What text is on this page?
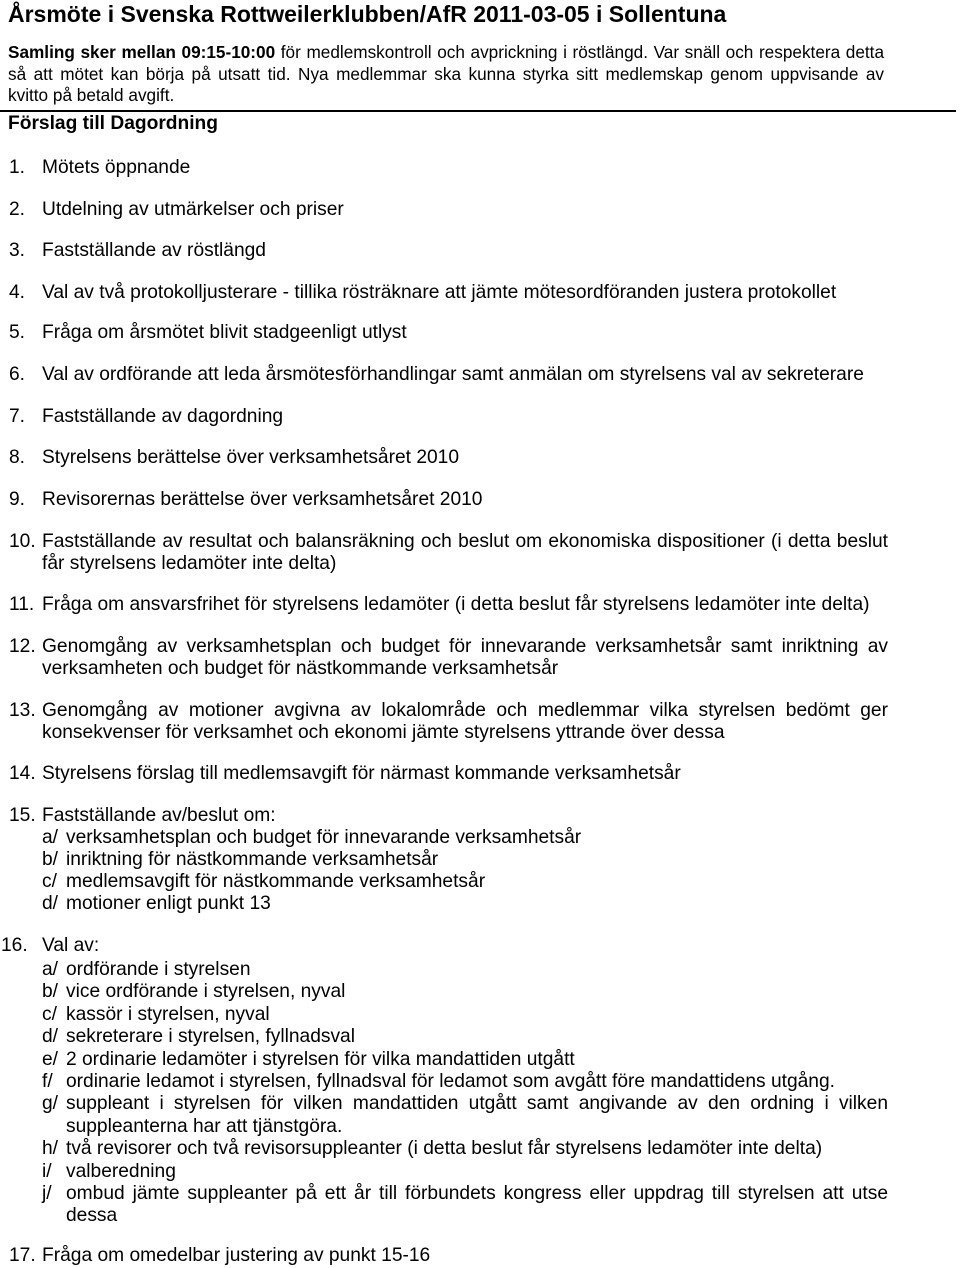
Årsmöte i Svenska Rottweilerklubben/AfR 2011-03-05 i Sollentuna
Samling sker mellan 09:15-10:00 för medlemskontroll och avprickning i röstlängd. Var snäll och respektera detta
så att mötet kan börja på utsatt tid. Nya medlemmar ska kunna styrka sitt medlemskap genom uppvisande av
kvitto på betald avgift.
Förslag till Dagordning
1. Mötets öppnande
2. Utdelning av utmärkelser och priser
3. Fastställande av röstlängd
4. Val av två protokolljusterare - tillika rösträknare att jämte mötesordföranden justera protokollet
5. Fråga om årsmötet blivit stadgeenligt utlyst
6. Val av ordförande att leda årsmötesförhandlingar samt anmälan om styrelsens val av sekreterare
7. Fastställande av dagordning
8. Styrelsens berättelse över verksamhetsåret 2010
9. Revisorernas berättelse över verksamhetsåret 2010
10. Fastställande av resultat och balansräkning och beslut om ekonomiska dispositioner (i detta beslut
får styrelsens ledamöter inte delta)
11. Fråga om ansvarsfrihet för styrelsens ledamöter (i detta beslut får styrelsens ledamöter inte delta)
12. Genomgång av verksamhetsplan och budget för innevarande verksamhetsår samt inriktning av
verksamheten och budget för nästkommande verksamhetsår
13. Genomgång av motioner avgivna av lokalområde och medlemmar vilka styrelsen bedömt ger
konsekvenser för verksamhet och ekonomi jämte styrelsens yttrande över dessa
14. Styrelsens förslag till medlemsavgift för närmast kommande verksamhetsår
15. Fastställande av/beslut om:
a/ verksamhetsplan och budget för innevarande verksamhetsår
b/ inriktning för nästkommande verksamhetsår
c/ medlemsavgift för nästkommande verksamhetsår
d/ motioner enligt punkt 13
16. Val av:
a/ ordförande i styrelsen
b/ vice ordförande i styrelsen, nyval
c/ kassör i styrelsen, nyval
d/ sekreterare i styrelsen, fyllnadsval
e/ 2 ordinarie ledamöter i styrelsen för vilka mandattiden utgått
f/ ordinarie ledamot i styrelsen, fyllnadsval för ledamot som avgått före mandattidens utgång.
g/ suppleant i styrelsen för vilken mandattiden utgått samt angivande av den ordning i vilken
suppleanterna har att tjänstgöra.
h/ två revisorer och två revisorsuppleanter (i detta beslut får styrelsens ledamöter inte delta)
i/ valberedning
j/ ombud jämte suppleanter på ett år till förbundets kongress eller uppdrag till styrelsen att utse
dessa
17. Fråga om omedelbar justering av punkt 15-16
